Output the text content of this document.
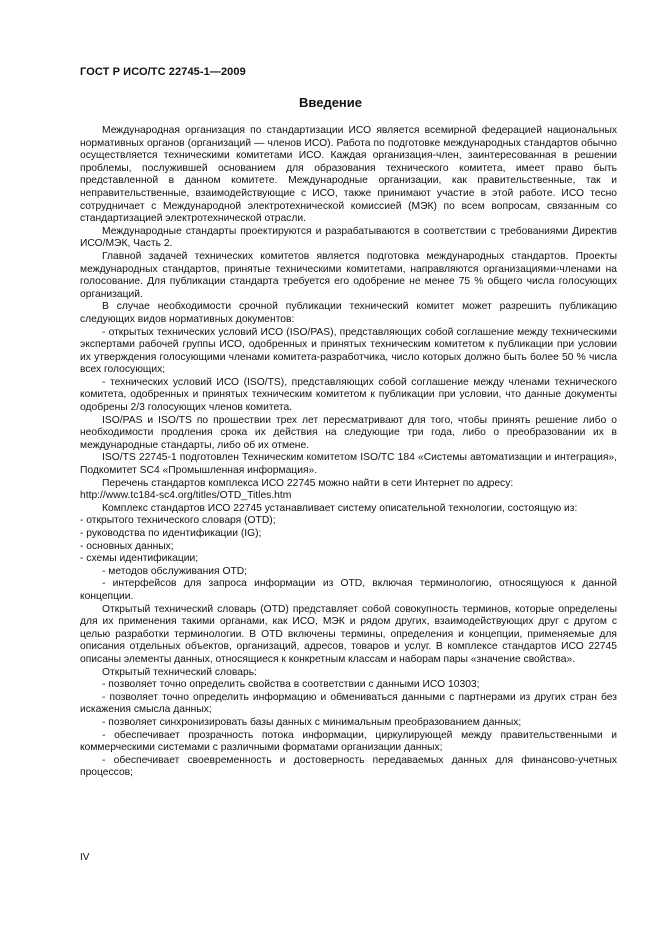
ГОСТ Р ИСО/ТС 22745-1—2009
Введение

Международная организация по стандартизации ИСО является всемирной федерацией национальных нормативных органов (организаций — членов ИСО). Работа по подготовке международных стандартов обычно осуществляется техническими комитетами ИСО. Каждая организация-член, заинтересованная в решении проблемы, послужившей основанием для образования технического комитета, имеет право быть представленной в данном комитете. Международные организации, как правительственные, так и неправительственные, взаимодействующие с ИСО, также принимают участие в этой работе. ИСО тесно сотрудничает с Международной электротехнической комиссией (МЭК) по всем вопросам, связанным со стандартизацией электротехнической отрасли.

Международные стандарты проектируются и разрабатываются в соответствии с требованиями Директив ИСО/МЭК, Часть 2.

Главной задачей технических комитетов является подготовка международных стандартов. Проекты международных стандартов, принятые техническими комитетами, направляются организациями-членами на голосование. Для публикации стандарта требуется его одобрение не менее 75 % общего числа голосующих организаций.

В случае необходимости срочной публикации технический комитет может разрешить публикацию следующих видов нормативных документов:

- открытых технических условий ИСО (ISO/PAS), представляющих собой соглашение между техническими экспертами рабочей группы ИСО, одобренных и принятых техническим комитетом к публикации при условии их утверждения голосующими членами комитета-разработчика, число которых должно быть более 50 % числа всех голосующих;

- технических условий ИСО (ISO/TS), представляющих собой соглашение между членами технического комитета, одобренных и принятых техническим комитетом к публикации при условии, что данные документы одобрены 2/3 голосующих членов комитета.

ISO/PAS и ISO/TS по прошествии трех лет пересматривают для того, чтобы принять решение либо о необходимости продления срока их действия на следующие три года, либо о преобразовании их в международные стандарты, либо об их отмене.

ISO/TS 22745-1 подготовлен Техническим комитетом ISO/TC 184 «Системы автоматизации и интеграция», Подкомитет SC4 «Промышленная информация».

Перечень стандартов комплекса ИСО 22745 можно найти в сети Интернет по адресу:

http://www.tc184-sc4.org/titles/OTD_Titles.htm

Комплекс стандартов ИСО 22745 устанавливает систему описательной технологии, состоящую из:

- открытого технического словаря (OTD);

- руководства по идентификации (IG);

- основных данных;

- схемы идентификации;

- методов обслуживания OTD;

- интерфейсов для запроса информации из OTD, включая терминологию, относящуюся к данной концепции.

Открытый технический словарь (OTD) представляет собой совокупность терминов, которые определены для их применения такими органами, как ИСО, МЭК и рядом других, взаимодействующих друг с другом с целью разработки терминологии. В OTD включены термины, определения и концепции, применяемые для описания отдельных объектов, организаций, адресов, товаров и услуг. В комплексе стандартов ИСО 22745 описаны элементы данных, относящиеся к конкретным классам и наборам пары «значение свойства».

Открытый технический словарь:

- позволяет точно определить свойства в соответствии с данными ИСО 10303;

- позволяет точно определить информацию и обмениваться данными с партнерами из других стран без искажения смысла данных;

- позволяет синхронизировать базы данных с минимальным преобразованием данных;

- обеспечивает прозрачность потока информации, циркулирующей между правительственными и коммерческими системами с различными форматами организации данных;

- обеспечивает своевременность и достоверность передаваемых данных для финансово-учетных процессов;

IV
